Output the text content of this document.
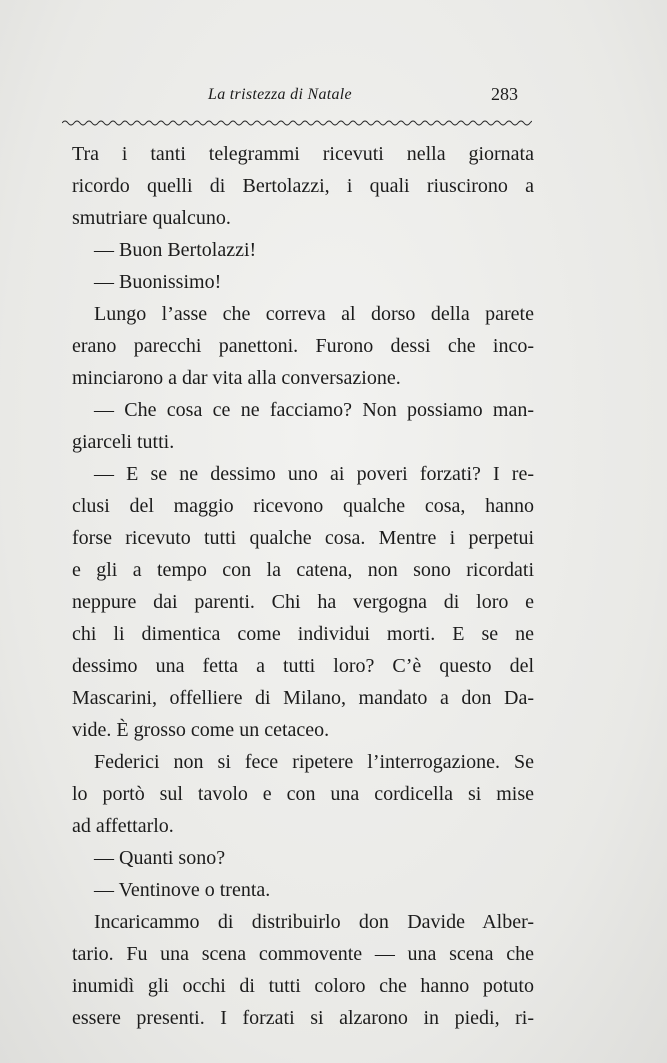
La tristezza di Natale	283
Tra i tanti telegrammi ricevuti nella giornata
ricordo quelli di Bertolazzi, i quali riuscirono a
smutriare qualcuno.
— Buon Bertolazzi!
— Buonissimo!
Lungo l’asse che correva al dorso della parete
erano parecchi panettoni. Furono dessi che inco-
minciarono a dar vita alla conversazione.
— Che cosa ce ne facciamo? Non possiamo man-
giarceli tutti.
— E se ne dessimo uno ai poveri forzati? I re-
clusi del maggio ricevono qualche cosa, hanno
forse ricevuto tutti qualche cosa. Mentre i perpetui
e gli a tempo con la catena, non sono ricordati
neppure dai parenti. Chi ha vergogna di loro e
chi li dimentica come individui morti. E se ne
dessimo una fetta a tutti loro? C’è questo del
Mascarini, offelliere di Milano, mandato a don Da-
vide. È grosso come un cetaceo.
Federici non si fece ripetere l’interrogazione. Se
lo portò sul tavolo e con una cordicella si mise
ad affettarlo.
— Quanti sono?
— Ventinove o trenta.
Incaricammo di distribuirlo don Davide Alber-
tario. Fu una scena commovente — una scena che
inumidì gli occhi di tutti coloro che hanno potuto
essere presenti. I forzati si alzarono in piedi, ri-
